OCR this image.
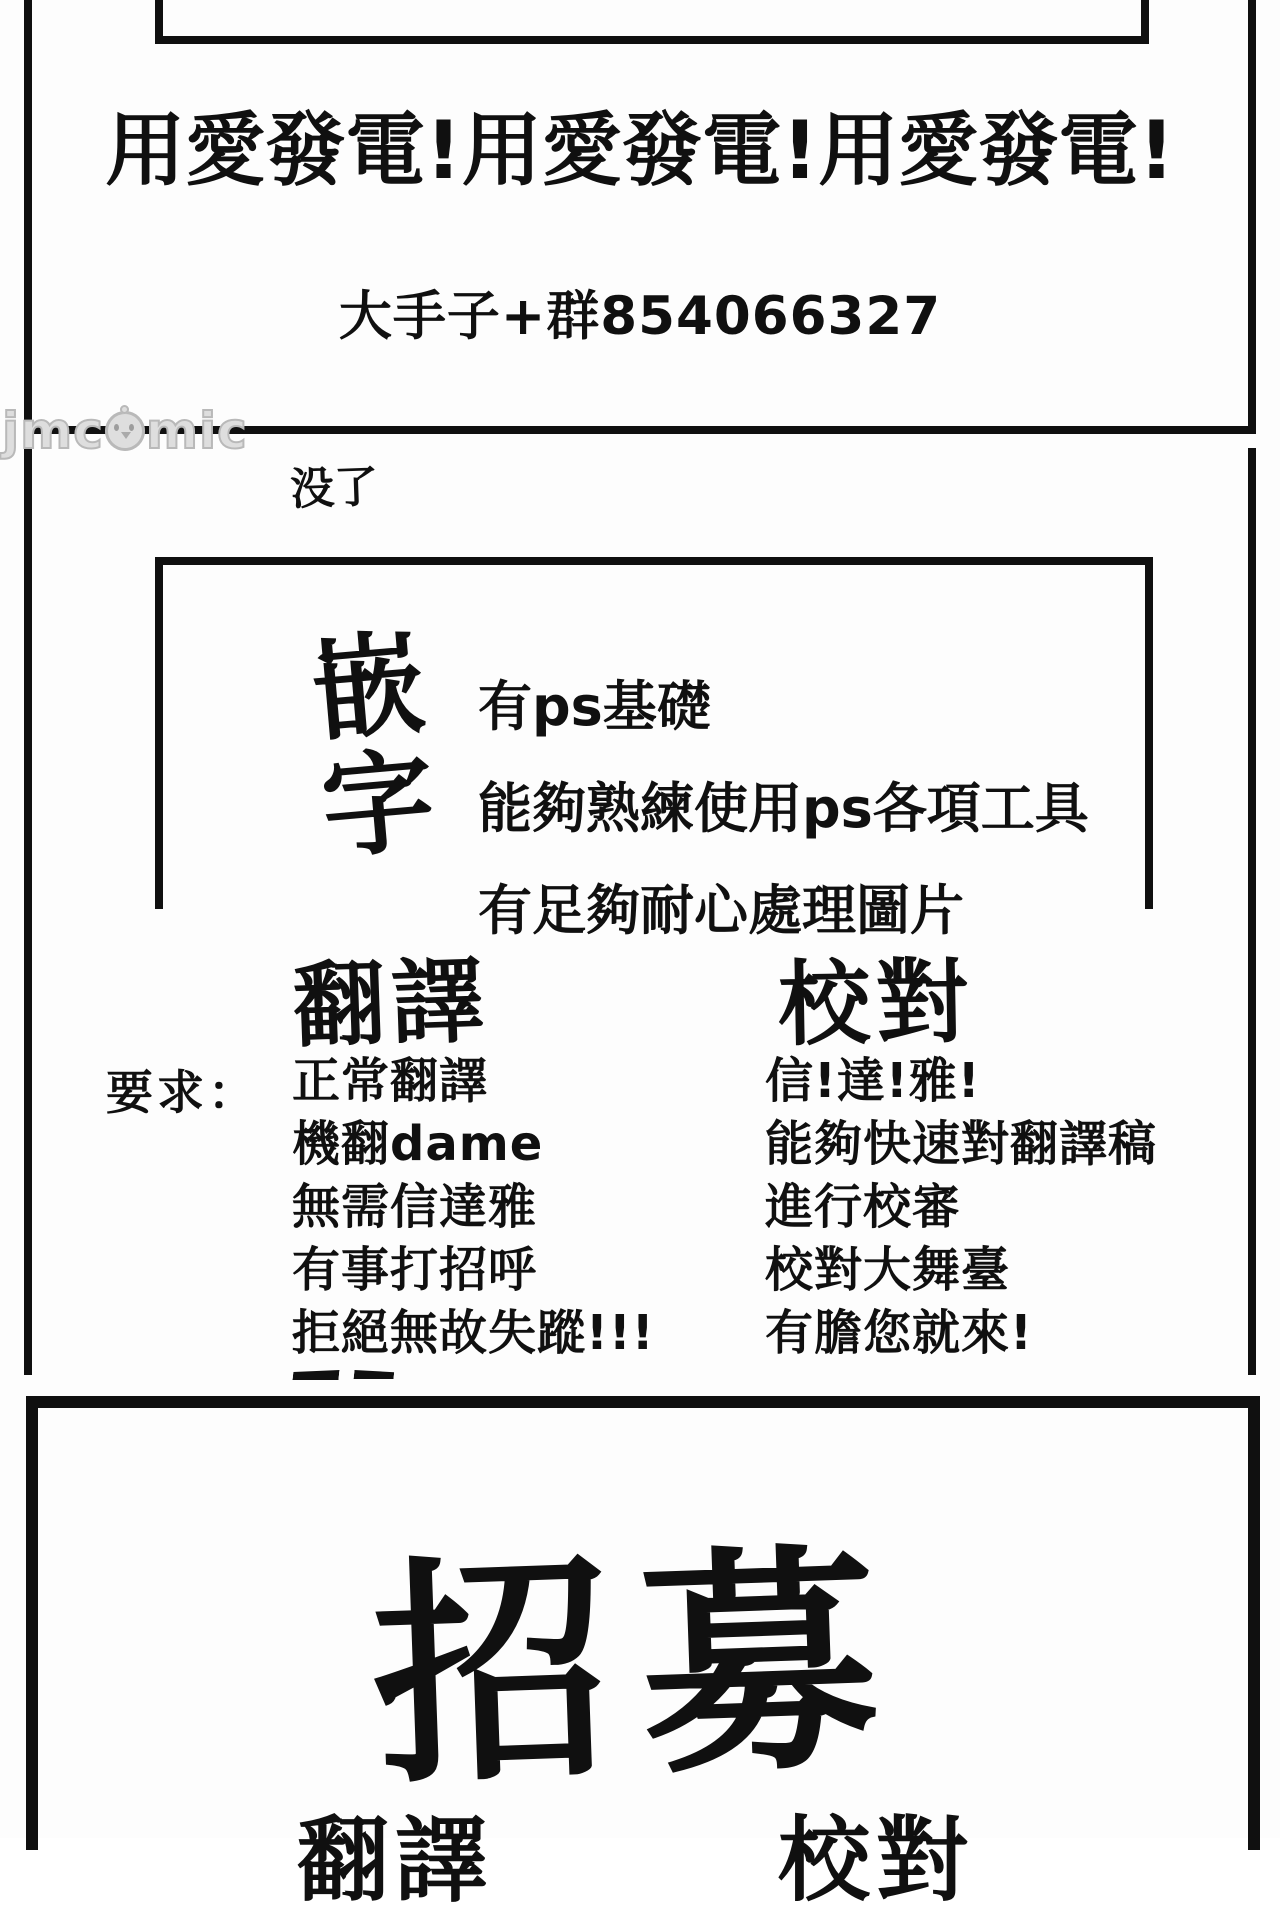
用愛發電!用愛發電!用愛發電!
大手子+群854066327
jmc mic
没了
嵌字 有ps基礎
能夠熟練使用ps各項工具
有足夠耐心處理圖片
翻譯	校對
要求： 正常翻譯
機翻dame
無需信達雅
有事打招呼
拒絕無故失蹤!!!
信!達!雅!
能夠快速對翻譯稿
進行校審
校對大舞臺
有膽您就來!

招募
翻譯	校對
